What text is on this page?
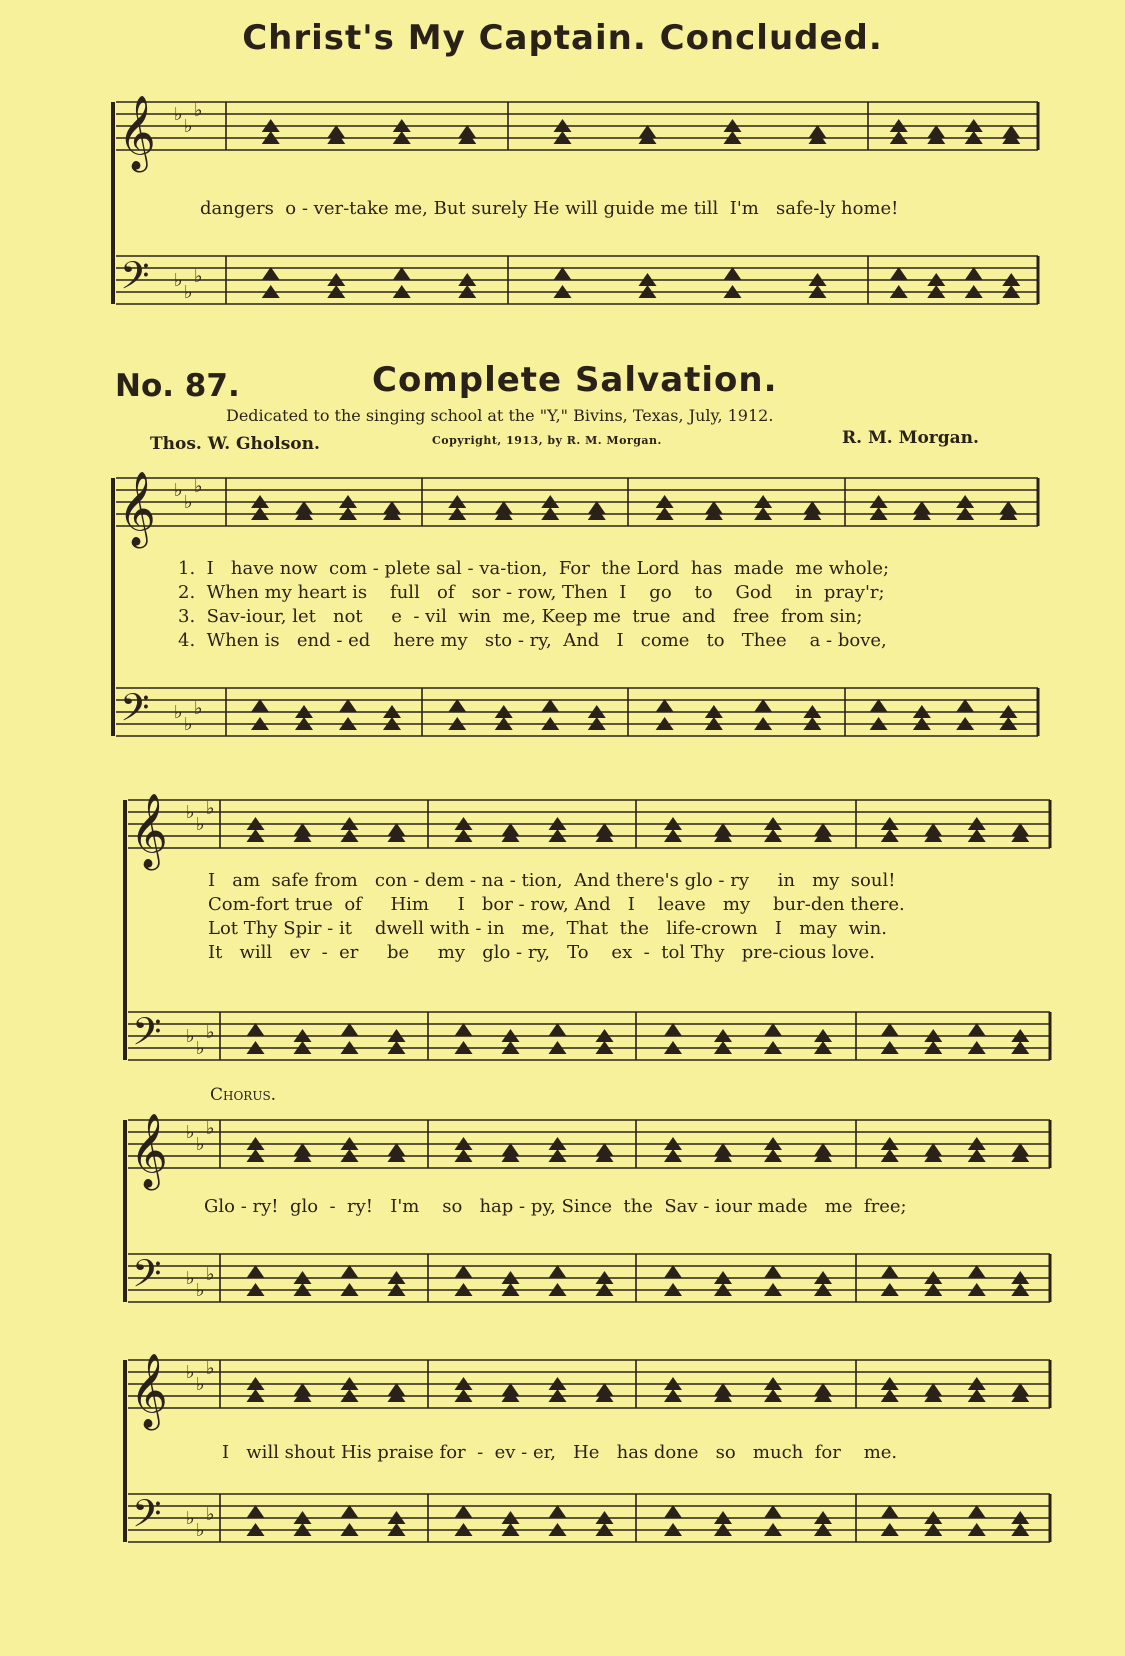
Christ's My Captain. Concluded.
𝄞
𝄢
♭
♭
♭
♭
♭
♭
𝄞
𝄢
♭
♭
♭
♭
♭
♭
𝄞
𝄢
♭
♭
♭
♭
♭
♭
𝄞
𝄢
♭
♭
♭
♭
♭
♭
𝄞
𝄢
♭
♭
♭
♭
♭
♭
dangers  o - ver-take me, But surely He will guide me till  I'm   safe-ly home!
No. 87.	Complete Salvation.
Dedicated to the singing school at the "Y," Bivins, Texas, July, 1912.
Thos. W. Gholson.	Copyright, 1913, by R. M. Morgan.	R. M. Morgan.
1.  I   have now  com - plete sal - va-tion,  For  the Lord  has  made  me whole;
2.  When my heart is    full   of   sor - row, Then  I    go    to    God    in  pray'r;
3.  Sav-iour, let   not     e  - vil  win  me, Keep me  true  and   free  from sin;
4.  When is   end - ed    here my   sto - ry,  And   I   come   to   Thee    a - bove,
I   am  safe from   con - dem - na - tion,  And there's glo - ry     in   my  soul!
Com-fort true  of     Him     I   bor - row, And   I    leave   my    bur-den there.
Lot Thy Spir - it    dwell with - in   me,  That  the   life-crown   I   may  win.
It   will   ev  -  er     be     my   glo - ry,   To    ex  -  tol Thy   pre-cious love.
Chorus.
Glo - ry!  glo  -  ry!   I'm    so   hap - py, Since  the  Sav - iour made   me  free;
I   will shout His praise for  -  ev - er,   He   has done   so   much  for    me.
